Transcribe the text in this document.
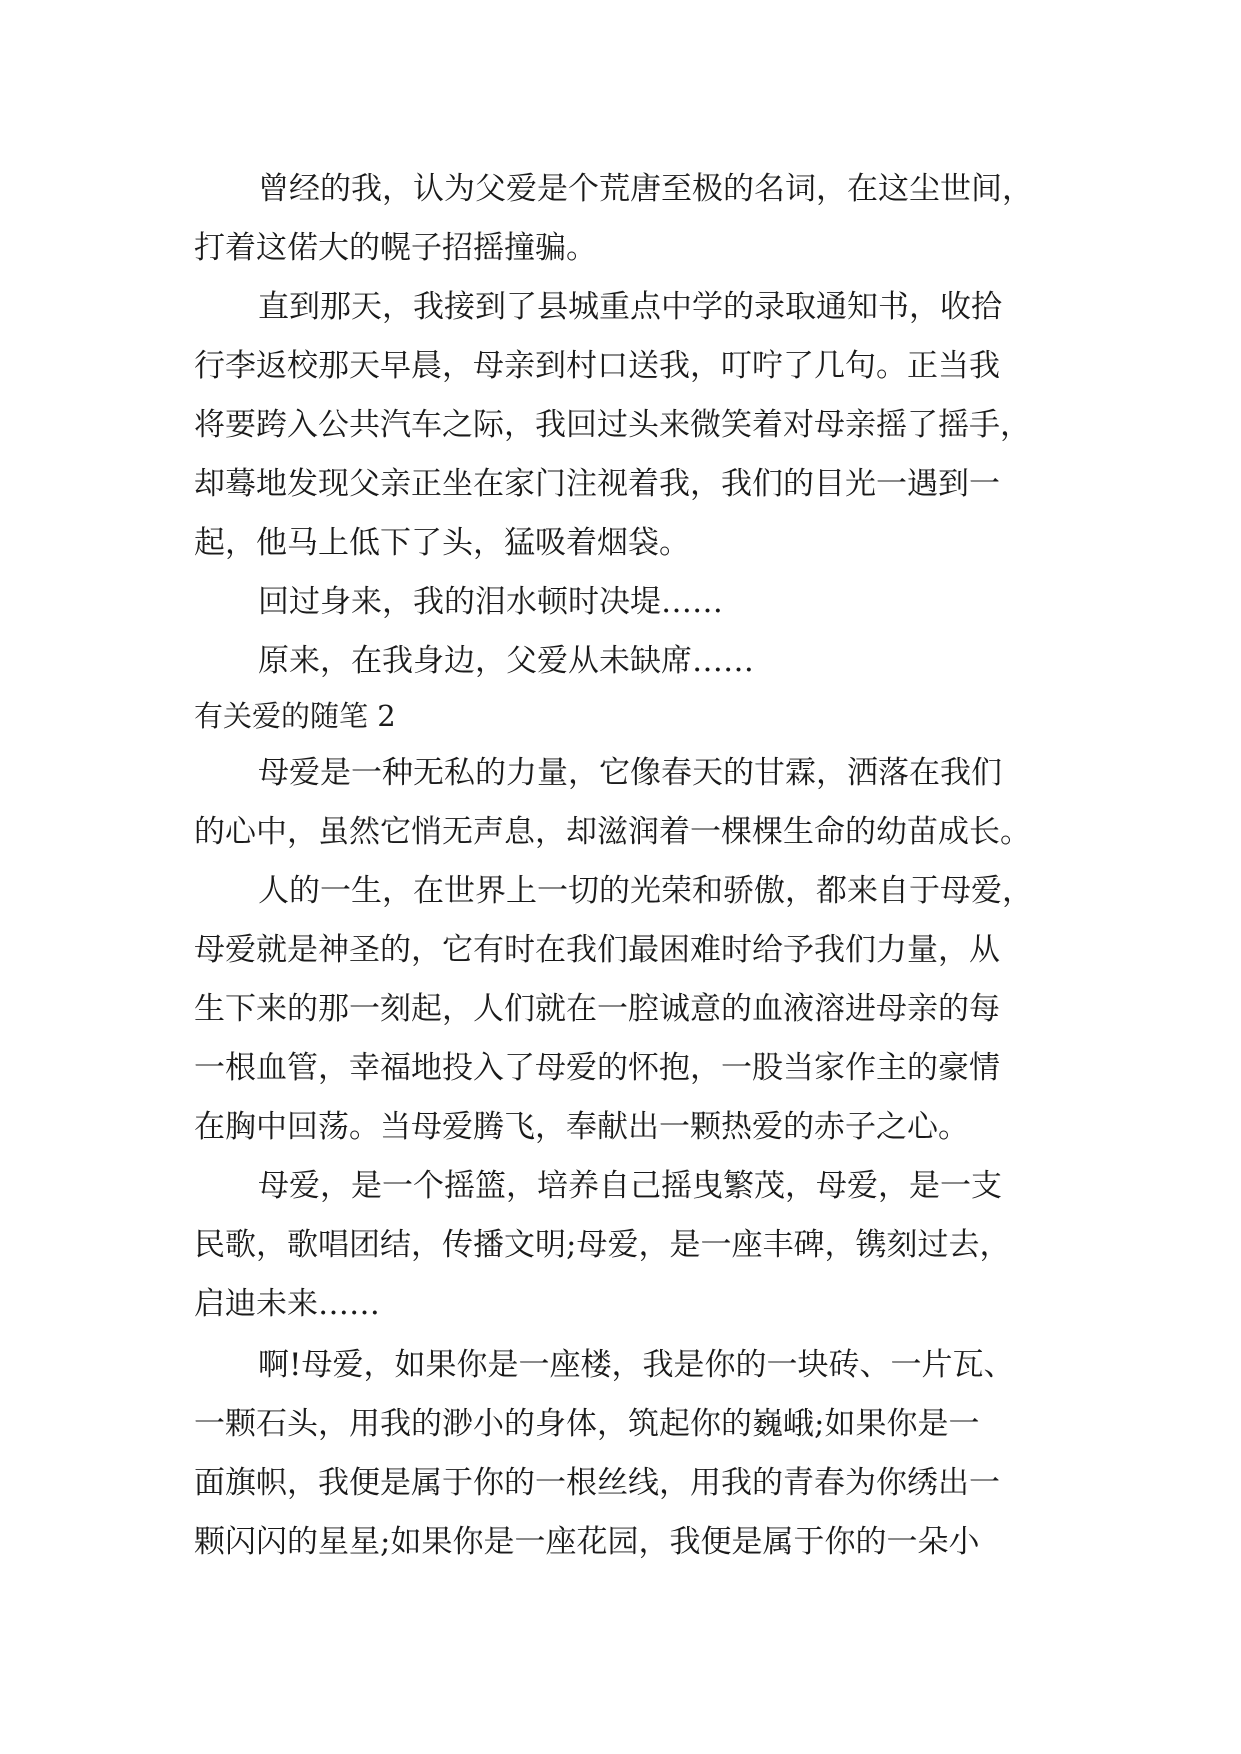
曾经的我，认为父爱是个荒唐至极的名词，在这尘世间，
打着这偌大的幌子招摇撞骗。
直到那天，我接到了县城重点中学的录取通知书，收拾
行李返校那天早晨，母亲到村口送我，叮咛了几句。正当我
将要跨入公共汽车之际，我回过头来微笑着对母亲摇了摇手，
却蓦地发现父亲正坐在家门注视着我，我们的目光一遇到一
起，他马上低下了头，猛吸着烟袋。
回过身来，我的泪水顿时决堤……
原来，在我身边，父爱从未缺席……
有关爱的随笔 2
母爱是一种无私的力量，它像春天的甘霖，洒落在我们
的心中，虽然它悄无声息，却滋润着一棵棵生命的幼苗成长。
人的一生，在世界上一切的光荣和骄傲，都来自于母爱，
母爱就是神圣的，它有时在我们最困难时给予我们力量，从
生下来的那一刻起，人们就在一腔诚意的血液溶进母亲的每
一根血管，幸福地投入了母爱的怀抱，一股当家作主的豪情
在胸中回荡。当母爱腾飞，奉献出一颗热爱的赤子之心。
母爱，是一个摇篮，培养自己摇曳繁茂，母爱，是一支
民歌，歌唱团结，传播文明;母爱，是一座丰碑，镌刻过去，
启迪未来……
啊!母爱，如果你是一座楼，我是你的一块砖、一片瓦、
一颗石头，用我的渺小的身体，筑起你的巍峨;如果你是一
面旗帜，我便是属于你的一根丝线，用我的青春为你绣出一
颗闪闪的星星;如果你是一座花园，我便是属于你的一朵小
